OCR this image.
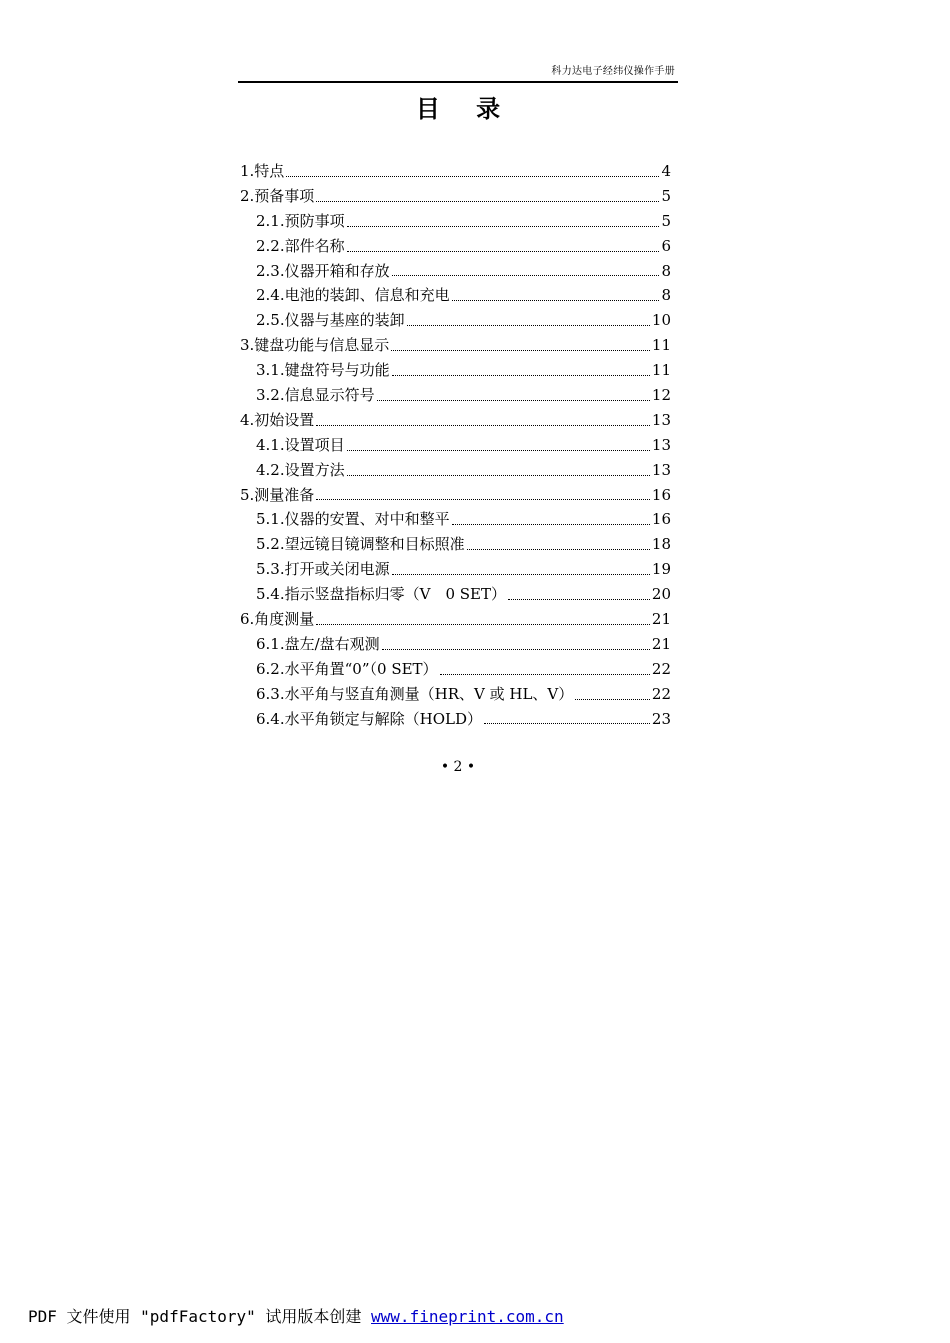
科力达电子经纬仪操作手册
目 录
1.特点	4
2.预备事项	5
2.1.预防事项	5
2.2.部件名称	6
2.3.仪器开箱和存放	8
2.4.电池的装卸、信息和充电	8
2.5.仪器与基座的装卸	10
3.键盘功能与信息显示	11
3.1.键盘符号与功能	11
3.2.信息显示符号	12
4.初始设置	13
4.1.设置项目	13
4.2.设置方法	13
5.测量准备	16
5.1.仪器的安置、对中和整平	16
5.2.望远镜目镜调整和目标照准	18
5.3.打开或关闭电源	19
5.4.指示竖盘指标归零（V　0 SET）	20
6.角度测量	21
6.1.盘左/盘右观测	21
6.2.水平角置“0”（0 SET）	22
6.3.水平角与竖直角测量（HR、V 或 HL、V）	22
6.4.水平角锁定与解除（HOLD）	23
• 2 •
PDF 文件使用 "pdfFactory" 试用版本创建 www.fineprint.com.cn
